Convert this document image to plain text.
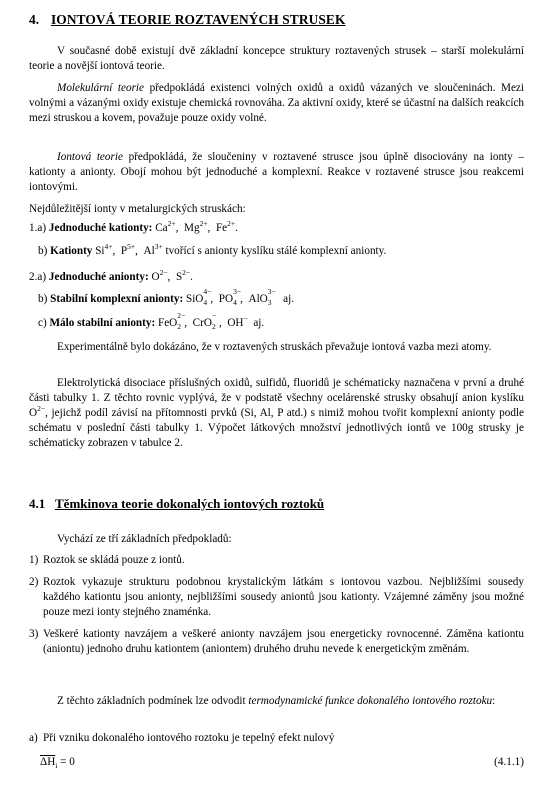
4. IONTOVÁ TEORIE ROZTAVENÝCH STRUSEK
V současné době existují dvě základní koncepce struktury roztavených strusek – starší molekulární teorie a novější iontová teorie.
Molekulární teorie předpokládá existenci volných oxidů a oxidů vázaných ve sloučeninách. Mezi volnými a vázanými oxidy existuje chemická rovnováha. Za aktivní oxidy, které se účastní na dalších reakcích mezi struskou a kovem, považuje pouze oxidy volné.
Iontová teorie předpokládá, že sloučeniny v roztavené strusce jsou úplně disociovány na ionty – kationty a anionty. Obojí mohou být jednoduché a komplexní. Reakce v roztavené strusce jsou reakcemi iontovými.
Nejdůležitější ionty v metalurgických struskách:
1.a) Jednoduché kationty: $Ca^{2+}$,  $Mg^{2+}$,  $Fe^{2+}$.
b) Kationty $Si^{4+}$,  $P^{5+}$,  $Al^{3+}$ tvořící s anionty kyslíku stálé komplexní anionty.
2.a) Jednoduché anionty: $O^{2-}$,  $S^{2-}$.
b) Stabilní komplexní anionty: SiO
4−
4 ,  PO
3−
4 ,  AlO
3−
3 aj.
c) Málo stabilní anionty: FeO
2−
2 ,  CrO
−
2 ,  OH− aj.
Experimentálně bylo dokázáno, že v roztavených struskách převažuje iontová vazba mezi atomy.
Elektrolytická disociace příslušných oxidů, sulfidů, fluoridů je schématicky naznačena v první a druhé části tabulky 1. Z těchto rovnic vyplývá, že v podstatě všechny ocelárenské strusky obsahují anion kyslíku $O^{2-}$, jejichž podíl závisí na přítomnosti prvků (Si, Al, P atd.) s nimiž mohou tvořit komplexní anionty podle schématu v poslední části tabulky 1. Výpočet látkových množství jednotlivých iontů ve 100g strusky je schématicky zobrazen v tabulce 2.
4.1 Těmkinova teorie dokonalých iontových roztoků
Vychází ze tří základních předpokladů:
1) Roztok se skládá pouze z iontů.
2) Roztok vykazuje strukturu podobnou krystalickým látkám s iontovou vazbou. Nejbližšími sousedy každého kationtu jsou anionty, nejbližšími sousedy aniontů jsou kationty. Vzájemné záměny jsou možné pouze mezi ionty stejného znaménka.
3) Veškeré kationty navzájem a veškeré anionty navzájem jsou energeticky rovnocenné. Záměna kationtu (aniontu) jednoho druhu kationtem (aniontem) druhého druhu nevede k energetickým změnám.
Z těchto základních podmínek lze odvodit termodynamické funkce dokonalého iontového roztoku:
a) Při vzniku dokonalého iontového roztoku je tepelný efekt nulový
$\overline{\Delta H}_i = 0$	(4.1.1)
